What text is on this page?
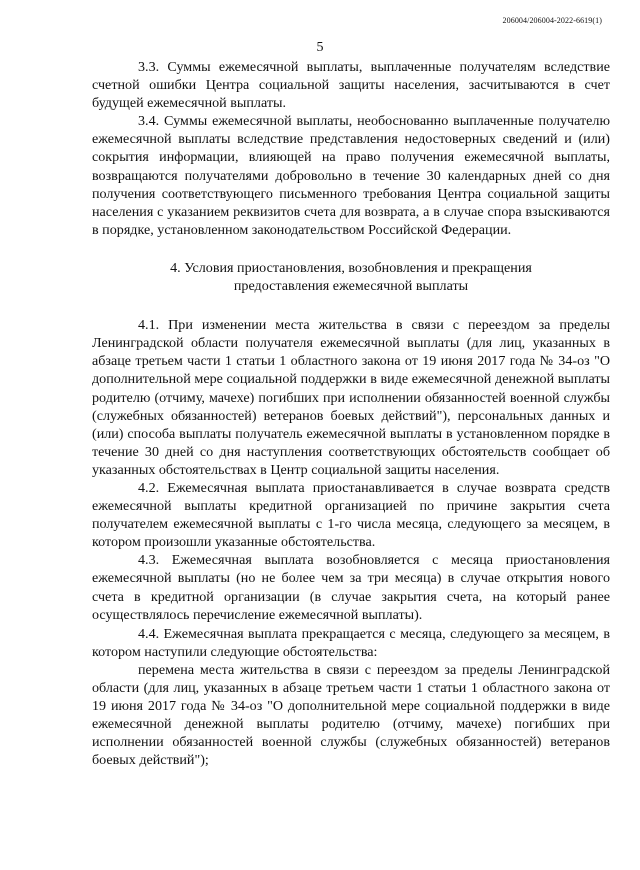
206004/206004-2022-6619(1)
5

3.3. Суммы ежемесячной выплаты, выплаченные получателям вследствие счетной ошибки Центра социальной защиты населения, засчитываются в счет будущей ежемесячной выплаты.

3.4. Суммы ежемесячной выплаты, необоснованно выплаченные получателю ежемесячной выплаты вследствие представления недостоверных сведений и (или) сокрытия информации, влияющей на право получения ежемесячной выплаты, возвращаются получателями добровольно в течение 30 календарных дней со дня получения соответствующего письменного требования Центра социальной защиты населения с указанием реквизитов счета для возврата, а в случае спора взыскиваются в порядке, установленном законодательством Российской Федерации.

4. Условия приостановления, возобновления и прекращения
предоставления ежемесячной выплаты

4.1. При изменении места жительства в связи с переездом за пределы Ленинградской области получателя ежемесячной выплаты (для лиц, указанных в абзаце третьем части 1 статьи 1 областного закона от 19 июня 2017 года № 34-оз "О дополнительной мере социальной поддержки в виде ежемесячной денежной выплаты родителю (отчиму, мачехе) погибших при исполнении обязанностей военной службы (служебных обязанностей) ветеранов боевых действий"), персональных данных и (или) способа выплаты получатель ежемесячной выплаты в установленном порядке в течение 30 дней со дня наступления соответствующих обстоятельств сообщает об указанных обстоятельствах в Центр социальной защиты населения.

4.2. Ежемесячная выплата приостанавливается в случае возврата средств ежемесячной выплаты кредитной организацией по причине закрытия счета получателем ежемесячной выплаты с 1-го числа месяца, следующего за месяцем, в котором произошли указанные обстоятельства.

4.3. Ежемесячная выплата возобновляется с месяца приостановления ежемесячной выплаты (но не более чем за три месяца) в случае открытия нового счета в кредитной организации (в случае закрытия счета, на который ранее осуществлялось перечисление ежемесячной выплаты).

4.4. Ежемесячная выплата прекращается с месяца, следующего за месяцем, в котором наступили следующие обстоятельства:

перемена места жительства в связи с переездом за пределы Ленинградской области (для лиц, указанных в абзаце третьем части 1 статьи 1 областного закона от 19 июня 2017 года № 34-оз "О дополнительной мере социальной поддержки в виде ежемесячной денежной выплаты родителю (отчиму, мачехе) погибших при исполнении обязанностей военной службы (служебных обязанностей) ветеранов боевых действий");
